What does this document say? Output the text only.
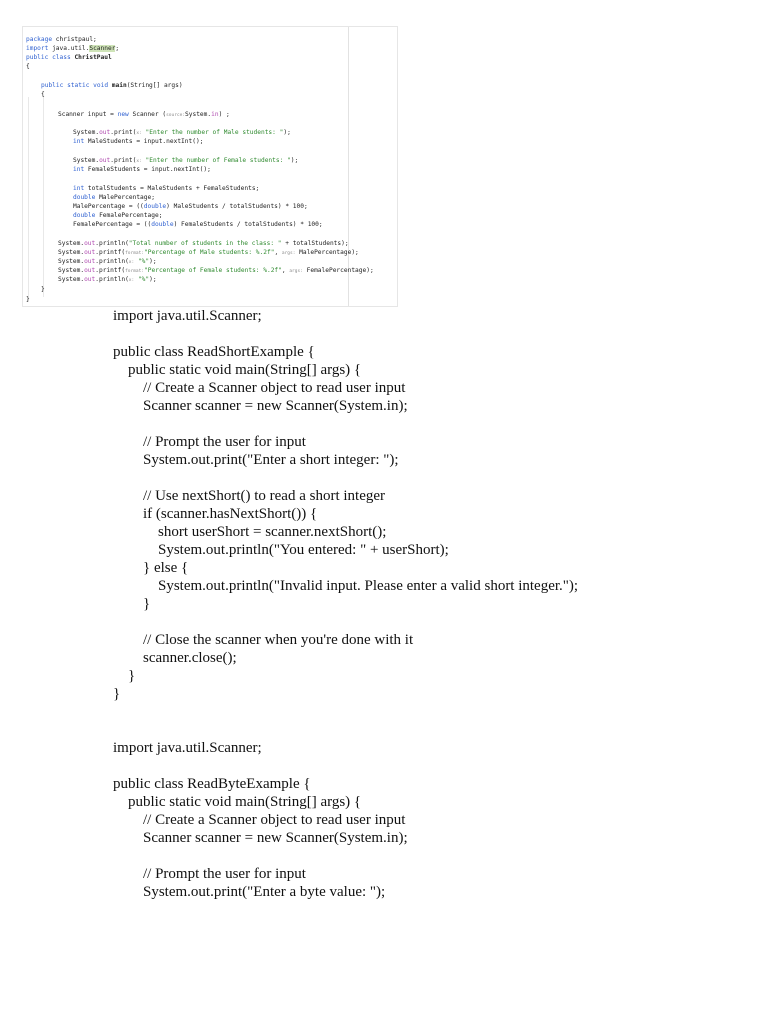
package christpaul;
import java.util.Scanner;
public class ChristPaul
{
public static void main(String[] args)
{
Scanner input = new Scanner (source:System.in) ;
System.out.print(x: "Enter the number of Male students: ");
int MaleStudents = input.nextInt();
System.out.print(x: "Enter the number of Female students: ");
int FemaleStudents = input.nextInt();
int totalStudents = MaleStudents + FemaleStudents;
double MalePercentage;
MalePercentage = ((double) MaleStudents / totalStudents) * 100;
double FemalePercentage;
FemalePercentage = ((double) FemaleStudents / totalStudents) * 100;
System.out.println("Total number of students in the class: " + totalStudents);
System.out.printf(format:"Percentage of Male students: %.2f", args: MalePercentage);
System.out.println(x: "%");
System.out.printf(format:"Percentage of Female students: %.2f", args: FemalePercentage);
System.out.println(x: "%");
}
}
import java.util.Scanner;
public class ReadShortExample {
public static void main(String[] args) {
// Create a Scanner object to read user input
Scanner scanner = new Scanner(System.in);
// Prompt the user for input
System.out.print("Enter a short integer: ");
// Use nextShort() to read a short integer
if (scanner.hasNextShort()) {
short userShort = scanner.nextShort();
System.out.println("You entered: " + userShort);
} else {
System.out.println("Invalid input. Please enter a valid short integer.");
}
// Close the scanner when you're done with it
scanner.close();
}
}
import java.util.Scanner;
public class ReadByteExample {
public static void main(String[] args) {
// Create a Scanner object to read user input
Scanner scanner = new Scanner(System.in);
// Prompt the user for input
System.out.print("Enter a byte value: ");
